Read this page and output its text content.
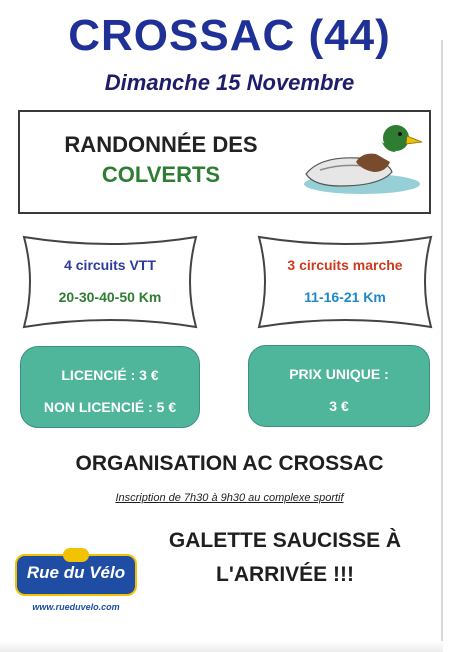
CROSSAC (44)
Dimanche 15 Novembre
RANDONNÉE DES
COLVERTS
4 circuits VTT
20-30-40-50 Km
3 circuits marche
11-16-21 Km
LICENCIÉ : 3 €
NON LICENCIÉ : 5 €
PRIX UNIQUE :
3 €
ORGANISATION AC CROSSAC
Inscription de 7h30 à 9h30 au complexe sportif
GALETTE SAUCISSE À
L'ARRIVÉE !!!
Rue du Vélo
www.rueduvelo.com
